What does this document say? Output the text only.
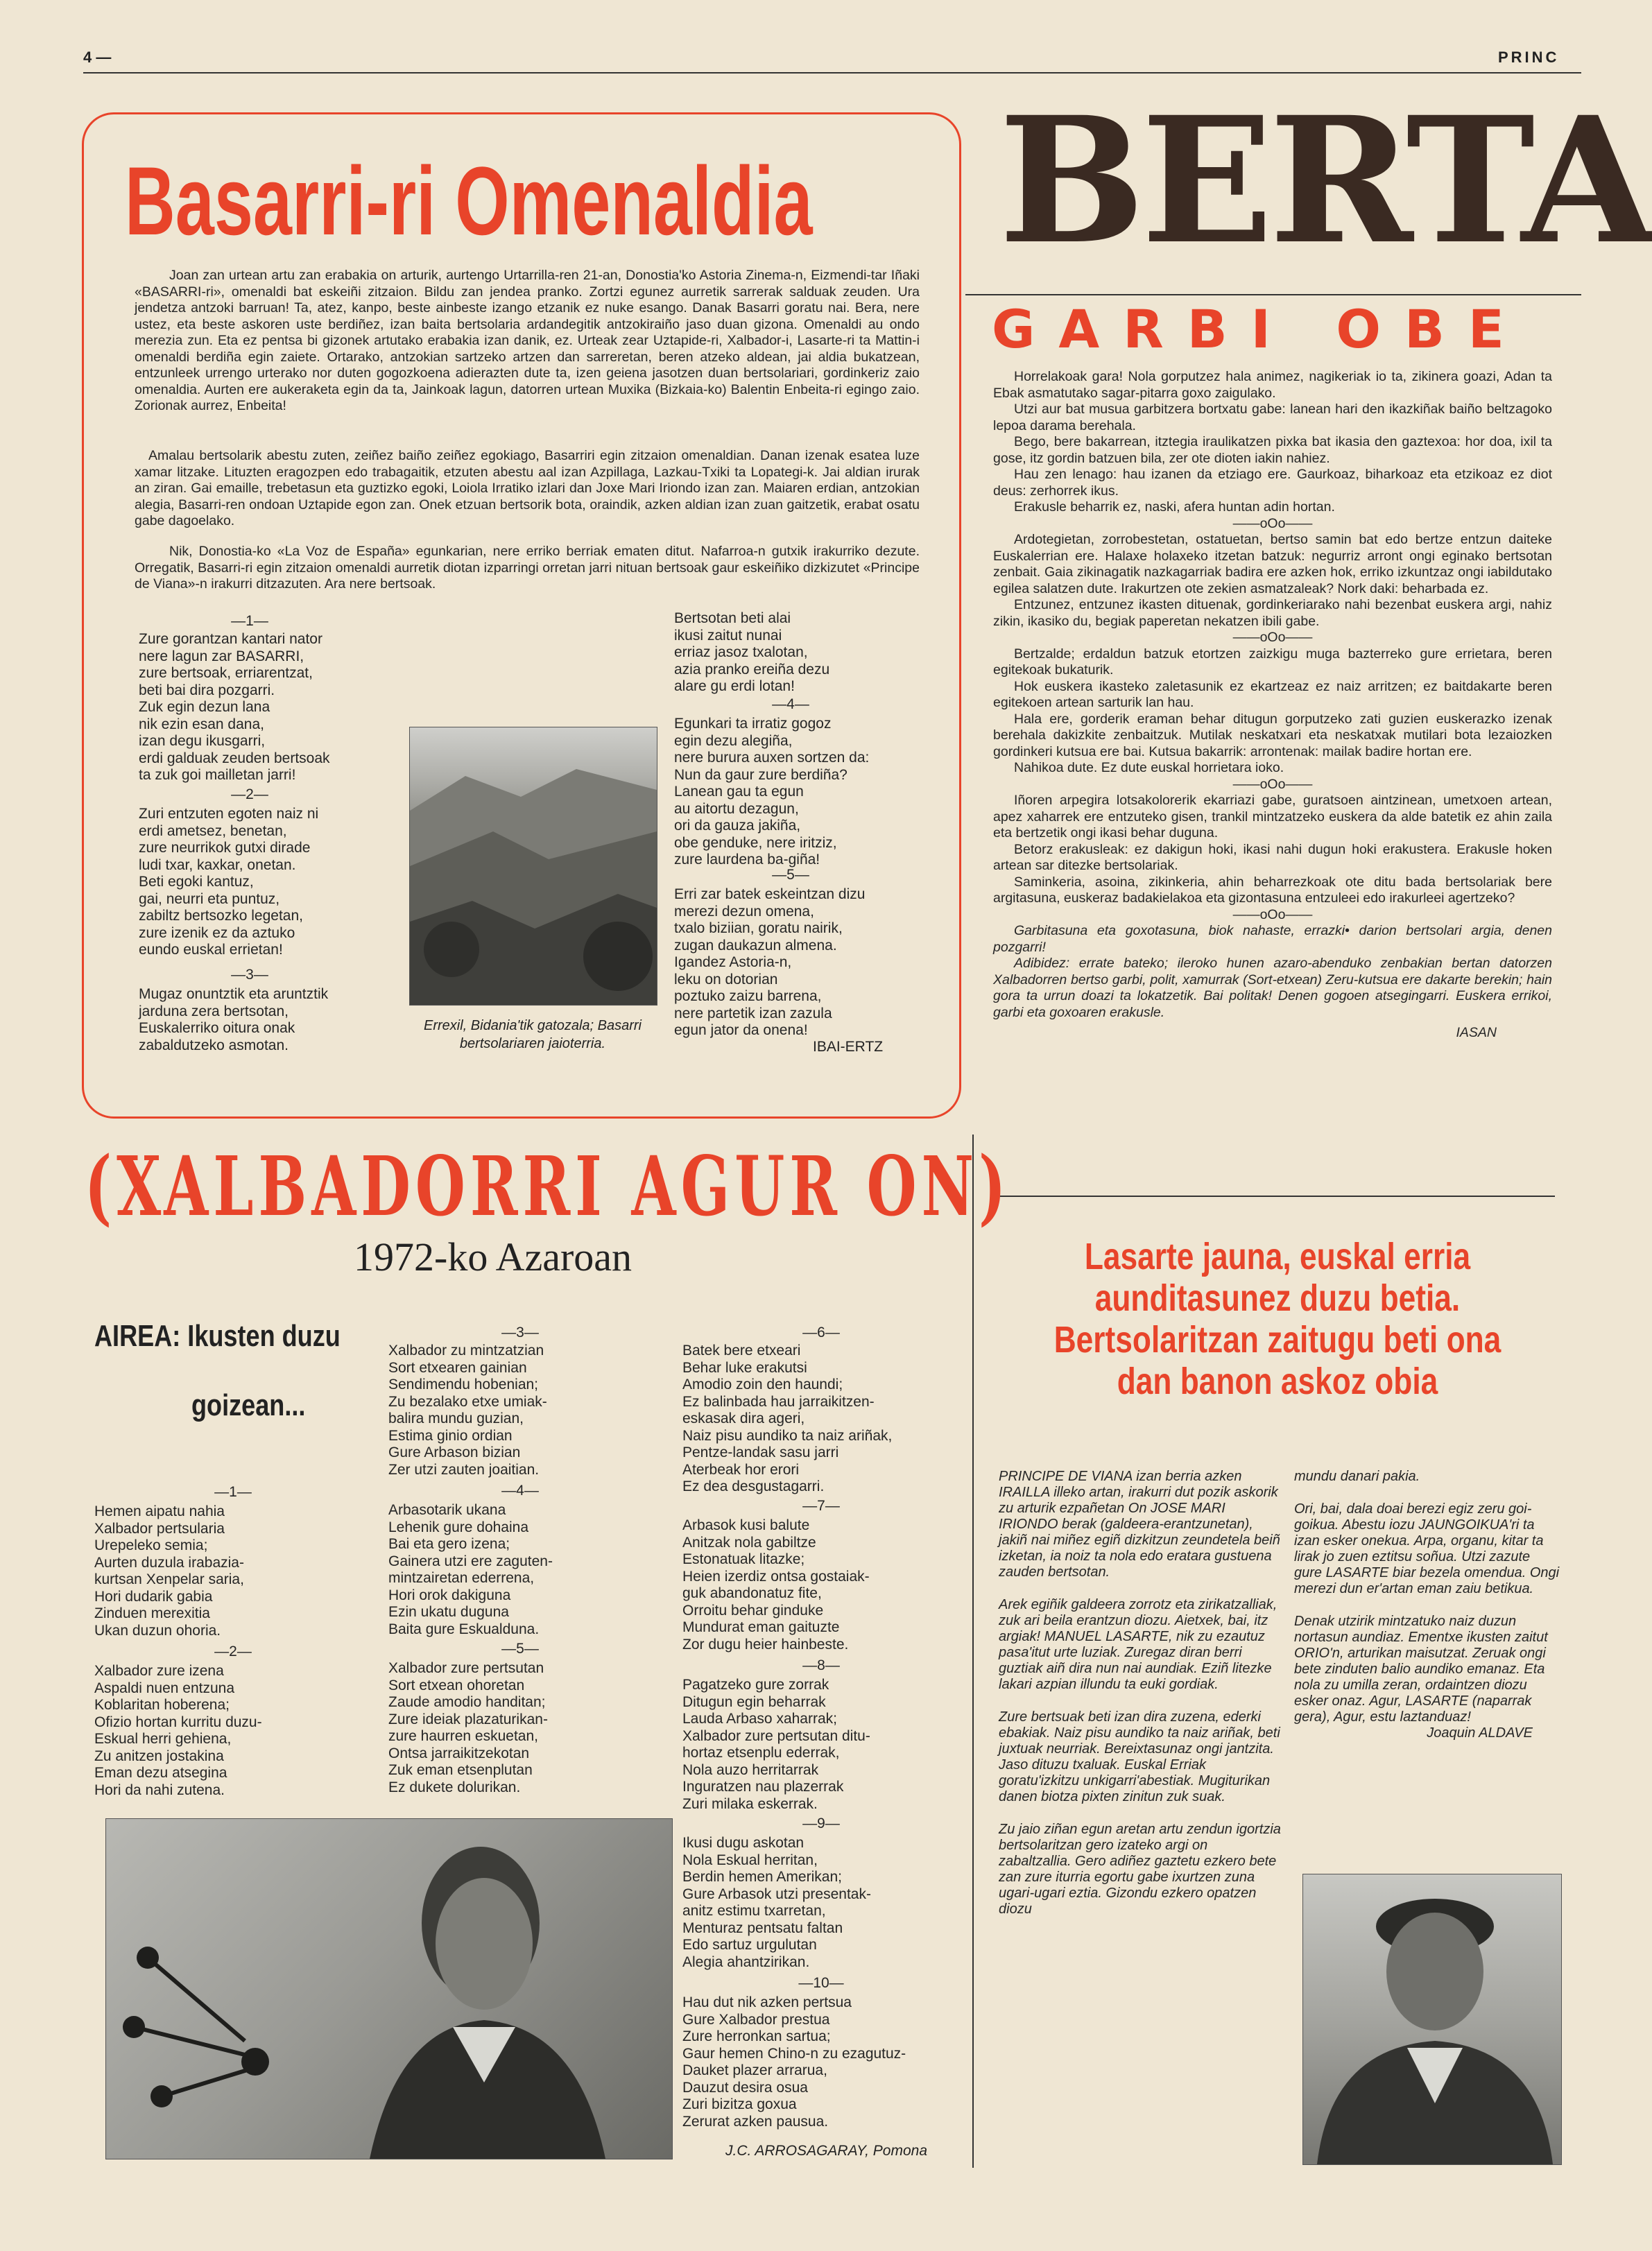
4 —	PRINC
Basarri-ri Omenaldia
Joan zan urtean artu zan erabakia on arturik, aurtengo Urtarrilla-ren 21-an, Donostia'ko Astoria Zinema-n, Eizmendi-tar Iñaki «BASARRI-ri», omenaldi bat eskeiñi zitzaion. Bildu zan jendea pranko. Zortzi egunez aurretik sarrerak salduak zeuden. Ura jendetza antzoki barruan! Ta, atez, kanpo, beste ainbeste izango etzanik ez nuke esango. Danak Basarri goratu nai. Bera, nere ustez, eta beste askoren uste berdiñez, izan baita bertsolaria ardandegitik antzokiraiño jaso duan gizona. Omenaldi au ondo merezia zun. Eta ez pentsa bi gizonek artutako erabakia izan danik, ez. Urteak zear Uztapide-ri, Xalbador-i, Lasarte-ri ta Mattin-i omenaldi berdiña egin zaiete. Ortarako, antzokian sartzeko artzen dan sarreretan, beren atzeko aldean, jai aldia bukatzean, entzunleek urrengo urterako nor duten gogozkoena adierazten dute ta, izen geiena jasotzen duan bertsolariari, gordinkeriz zaio omenaldia. Aurten ere aukeraketa egin da ta, Jainkoak lagun, datorren urtean Muxika (Bizkaia-ko) Balentin Enbeita-ri egingo zaio. Zorionak aurrez, Enbeita!
Amalau bertsolarik abestu zuten, zeiñez baiño zeiñez egokiago, Basarriri egin zitzaion omenaldian. Danan izenak esatea luze xamar litzake. Lituzten eragozpen edo trabagaitik, etzuten abestu aal izan Azpillaga, Lazkau-Txiki ta Lopategi-k. Jai aldian irurak an ziran. Gai emaille, trebetasun eta guztizko egoki, Loiola Irratiko izlari dan Joxe Mari Iriondo izan zan. Maiaren erdian, antzokian alegia, Basarri-ren ondoan Uztapide egon zan. Onek etzuan bertsorik bota, oraindik, azken aldian izan zuan gaitzetik, erabat osatu gabe dagoelako.
Nik, Donostia-ko «La Voz de España» egunkarian, nere erriko berriak ematen ditut. Nafarroa-n gutxik irakurriko dezute. Orregatik, Basarri-ri egin zitzaion omenaldi aurretik diotan izparringi orretan jarri nituan bertsoak gaur eskeiñiko dizkizutet «Principe de Viana»-n irakurri ditzazuten. Ara nere bertsoak.
—1—
Zure gorantzan kantari nator
nere lagun zar BASARRI,
zure bertsoak, erriarentzat,
beti bai dira pozgarri.
Zuk egin dezun lana
nik ezin esan dana,
izan degu ikusgarri,
erdi galduak zeuden bertsoak
ta zuk goi mailletan jarri!
—2—
Zuri entzuten egoten naiz ni
erdi ametsez, benetan,
zure neurrikok gutxi dirade
ludi txar, kaxkar, onetan.
Beti egoki kantuz,
gai, neurri eta puntuz,
zabiltz bertsozko legetan,
zure izenik ez da aztuko
eundo euskal errietan!
—3—
Mugaz onuntztik eta aruntztik
jarduna zera bertsotan,
Euskalerriko oitura onak
zabaldutzeko asmotan.
Bertsotan beti alai
ikusi zaitut nunai
erriaz jasoz txalotan,
azia pranko ereiña dezu
alare gu erdi lotan!
—4—
Egunkari ta irratiz gogoz
egin dezu alegiña,
nere burura auxen sortzen da:
Nun da gaur zure berdiña?
Lanean gau ta egun
au aitortu dezagun,
ori da gauza jakiña,
obe genduke, nere iritziz,
zure laurdena ba-giña!
—5—
Erri zar batek eskeintzan dizu
merezi dezun omena,
txalo biziian, goratu nairik,
zugan daukazun almena.
Igandez Astoria-n,
leku on dotorian
poztuko zaizu barrena,
nere partetik izan zazula
egun jator da onena!
Errexil, Bidania'tik gatozala; Basarri bertsolariaren jaioterria.	IBAI-ERTZ
BERTA
GARBI OBE
Horrelakoak gara! Nola gorputzez hala animez, nagikeriak io ta, zikinera goazi, Adan ta Ebak asmatutako sagar-pitarra goxo zaigulako.
Utzi aur bat musua garbitzera bortxatu gabe: lanean hari den ikazkiñak baiño beltzagoko lepoa darama berehala.
Bego, bere bakarrean, itztegia iraulikatzen pixka bat ikasia den gaztexoa: hor doa, ixil ta gose, itz gordin batzuen bila, zer ote dioten iakin nahiez.
Hau zen lenago: hau izanen da etziago ere. Gaurkoaz, biharkoaz eta etzikoaz ez diot deus: zerhorrek ikus.
Erakusle beharrik ez, naski, afera huntan adin hortan.
——oOo——
Ardotegietan, zorrobestetan, ostatuetan, bertso samin bat edo bertze entzun daiteke Euskalerrian ere. Halaxe holaxeko itzetan batzuk: negurriz arront ongi eginako bertsotan zenbait. Gaia zikinagatik nazkagarriak badira ere azken hok, erriko izkuntzaz ongi iabildutako egilea salatzen dute. Irakurtzen ote zekien asmatzaleak? Nork daki: beharbada ez.
Entzunez, entzunez ikasten dituenak, gordinkeriarako nahi bezenbat euskera argi, nahiz zikin, ikasiko du, begiak paperetan nekatzen ibili gabe.
——oOo——
Bertzalde; erdaldun batzuk etortzen zaizkigu muga bazterreko gure errietara, beren egitekoak bukaturik.
Hok euskera ikasteko zaletasunik ez ekartzeaz ez naiz arritzen; ez baitdakarte beren egitekoen artean sarturik lan hau.
Hala ere, gorderik eraman behar ditugun gorputzeko zati guzien euskerazko izenak berehala dakizkite zenbaitzuk. Mutilak neskatxari eta neskatxak mutilari bota lezaiozken gordinkeri kutsua ere bai. Kutsua bakarrik: arrontenak: mailak badire hortan ere.
Nahikoa dute. Ez dute euskal horrietara ioko.
——oOo——
Iñoren arpegira lotsakolorerik ekarriazi gabe, guratsoen aintzinean, umetxoen artean, apez xaharrek ere entzuteko gisen, trankil mintzatzeko euskera da alde batetik ez ahin zaila eta bertzetik ongi ikasi behar duguna.
Betorz erakusleak: ez dakigun hoki, ikasi nahi dugun hoki erakustera. Erakusle hoken artean sar ditezke bertsolariak.
Saminkeria, asoina, zikinkeria, ahin beharrezkoak ote ditu bada bertsolariak bere argitasuna, euskeraz badakielakoa eta gizontasuna entzuleei edo irakurleei agertzeko?
——oOo——
Garbitasuna eta goxotasuna, biok nahaste, errazki• darion bertsolari argia, denen pozgarri!
Adibidez: errate bateko; ileroko hunen azaro-abenduko zenbakian bertan datorzen Xalbadorren bertso garbi, polit, xamurrak (Sort-etxean) Zeru-kutsua ere dakarte berekin; hain gora ta urrun doazi ta lokatzetik. Bai politak! Denen gogoen atsegingarri. Euskera errikoi, garbi eta goxoaren erakusle.
IASAN
(XALBADORRI AGUR ON)
1972-ko Azaroan
AIREA: Ikusten duzu
goizean...
—1—
Hemen aipatu nahia
Xalbador pertsularia
Urepeleko semia;
Aurten duzula irabazia-
kurtsan Xenpelar saria,
Hori dudarik gabia
Zinduen merexitia
Ukan duzun ohoria.
—2—
Xalbador zure izena
Aspaldi nuen entzuna
Koblaritan hoberena;
Ofizio hortan kurritu duzu-
Eskual herri gehiena,
Zu anitzen jostakina
Eman dezu atsegina
Hori da nahi zutena.
—3—
Xalbador zu mintzatzian
Sort etxearen gainian
Sendimendu hobenian;
Zu bezalako etxe umiak-
balira mundu guzian,
Estima ginio ordian
Gure Arbason bizian
Zer utzi zauten joaitian.
—4—
Arbasotarik ukana
Lehenik gure dohaina
Bai eta gero izena;
Gainera utzi ere zaguten-
mintzairetan ederrena,
Hori orok dakiguna
Ezin ukatu duguna
Baita gure Eskualduna.
—5—
Xalbador zure pertsutan
Sort etxean ohoretan
Zaude amodio handitan;
Zure ideiak plazaturikan-
zure haurren eskuetan,
Ontsa jarraikitzekotan
Zuk eman etsenplutan
Ez dukete dolurikan.
—6—
Batek bere etxeari
Behar luke erakutsi
Amodio zoin den haundi;
Ez balinbada hau jarraikitzen-
eskasak dira ageri,
Naiz pisu aundiko ta naiz ariñak,
Pentze-landak sasu jarri
Aterbeak hor erori
Ez dea desgustagarri.
—7—
Arbasok kusi balute
Anitzak nola gabiltze
Estonatuak litazke;
Heien izerdiz ontsa gostaiak-
guk abandonatuz fite,
Orroitu behar ginduke
Mundurat eman gaituzte
Zor dugu heier hainbeste.
—8—
Pagatzeko gure zorrak
Ditugun egin beharrak
Lauda Arbaso xaharrak;
Xalbador zure pertsutan ditu-
hortaz etsenplu ederrak,
Nola auzo herritarrak
Inguratzen nau plazerrak
Zuri milaka eskerrak.
—9—
Ikusi dugu askotan
Nola Eskual herritan,
Berdin hemen Amerikan;
Gure Arbasok utzi presentak-
anitz estimu txarretan,
Menturaz pentsatu faltan
Edo sartuz urgulutan
Alegia ahantzirikan.
—10—
Hau dut nik azken pertsua
Gure Xalbador prestua
Zure herronkan sartua;
Gaur hemen Chino-n zu ezagutuz-
Dauket plazer arrarua,
Dauzut desira osua
Zuri bizitza goxua
Zerurat azken pausua.
J.C. ARROSAGARAY, Pomona
Lasarte jauna, euskal erria aunditasunez duzu betia. Bertsolaritzan zaitugu beti ona dan banon askoz obia
PRINCIPE DE VIANA izan berria azken IRAILLA illeko artan, irakurri dut pozik askorik zu arturik ezpañetan On JOSE MARI IRIONDO berak (galdeera-erantzunetan), jakiñ nai miñez egiñ dizkitzun zeundetela beiñ izketan, ia noiz ta nola edo eratara gustuena zauden bertsotan.
Arek egiñik galdeera zorrotz eta zirikatzalliak, zuk ari beila erantzun diozu. Aietxek, bai, itz argiak! MANUEL LASARTE, nik zu ezautuz pasa'itut urte luziak. Zuregaz diran berri guztiak aiñ dira nun nai aundiak. Eziñ litezke lakari azpian illundu ta euki gordiak.
Zure bertsuak beti izan dira zuzena, ederki ebakiak. Naiz pisu aundiko ta naiz ariñak, beti juxtuak neurriak. Bereixtasunaz ongi jantzita. Jaso dituzu txaluak. Euskal Erriak goratu'izkitzu unkigarri'abestiak. Mugiturikan danen biotza pixten zinitun zuk suak.
Zu jaio ziñan egun aretan artu zendun igortzia bertsolaritzan gero izateko argi on zabaltzallia. Gero adiñez gaztetu ezkero bete zan zure iturria egortu gabe ixurtzen zuna ugari-ugari eztia. Gizondu ezkero opatzen diozu
mundu danari pakia.
Ori, bai, dala doai berezi egiz zeru goi-goikua. Abestu iozu JAUNGOIKUA'ri ta izan esker onekua. Arpa, organu, kitar ta lirak jo zuen eztitsu soñua. Utzi zazute gure LASARTE biar bezela omendua. Ongi merezi dun er'artan eman zaiu betikua.
Denak utzirik mintzatuko naiz duzun nortasun aundiaz. Ementxe ikusten zaitut ORIO'n, arturikan maisutzat. Zeruak ongi bete zinduten balio aundiko emanaz. Eta nola zu umilla zeran, ordaintzen diozu esker onaz. Agur, LASARTE (naparrak gera), Agur, estu laztanduaz!
Joaquin ALDAVE
